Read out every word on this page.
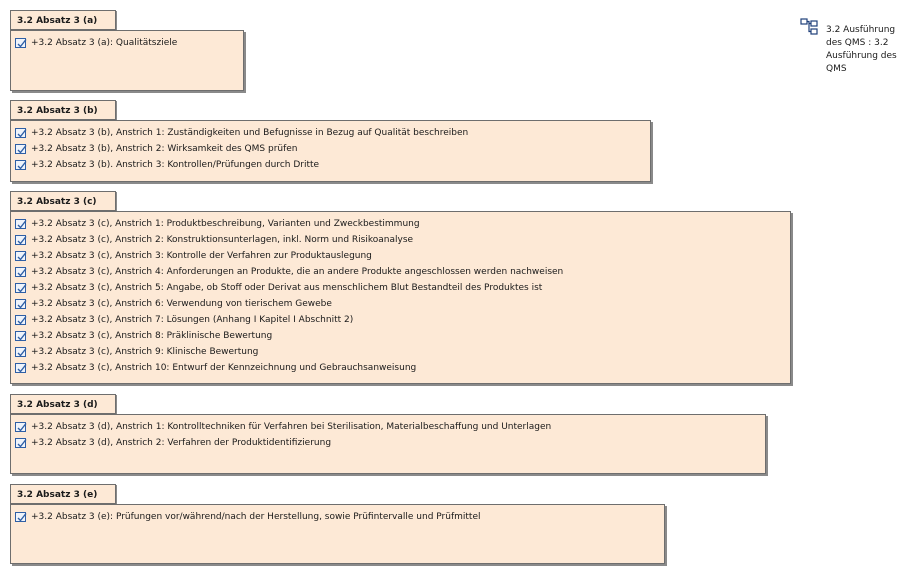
3.2 Ausführung des QMS : 3.2 Ausführung des QMS
3.2 Absatz 3 (a)
+3.2 Absatz 3 (a): Qualitätsziele
3.2 Absatz 3 (b)
+3.2 Absatz 3 (b), Anstrich 1: Zuständigkeiten und Befugnisse in Bezug auf Qualität beschreiben
+3.2 Absatz 3 (b), Anstrich 2: Wirksamkeit des QMS prüfen
+3.2 Absatz 3 (b). Anstrich 3: Kontrollen/Prüfungen durch Dritte
3.2 Absatz 3 (c)
+3.2 Absatz 3 (c), Anstrich 1: Produktbeschreibung, Varianten und Zweckbestimmung
+3.2 Absatz 3 (c), Anstrich 2: Konstruktionsunterlagen, inkl. Norm und Risikoanalyse
+3.2 Absatz 3 (c), Anstrich 3: Kontrolle der Verfahren zur Produktauslegung
+3.2 Absatz 3 (c), Anstrich 4: Anforderungen an Produkte, die an andere Produkte angeschlossen werden nachweisen
+3.2 Absatz 3 (c), Anstrich 5: Angabe, ob Stoff oder Derivat aus menschlichem Blut Bestandteil des Produktes ist
+3.2 Absatz 3 (c), Anstrich 6: Verwendung von tierischem Gewebe
+3.2 Absatz 3 (c), Anstrich 7: Lösungen (Anhang I Kapitel I Abschnitt 2)
+3.2 Absatz 3 (c), Anstrich 8: Präklinische Bewertung
+3.2 Absatz 3 (c), Anstrich 9: Klinische Bewertung
+3.2 Absatz 3 (c), Anstrich 10: Entwurf der Kennzeichnung und Gebrauchsanweisung
3.2 Absatz 3 (d)
+3.2 Absatz 3 (d), Anstrich 1: Kontrolltechniken für Verfahren bei Sterilisation, Materialbeschaffung und Unterlagen
+3.2 Absatz 3 (d), Anstrich 2: Verfahren der Produktidentifizierung
3.2 Absatz 3 (e)
+3.2 Absatz 3 (e): Prüfungen vor/während/nach der Herstellung, sowie Prüfintervalle und Prüfmittel
